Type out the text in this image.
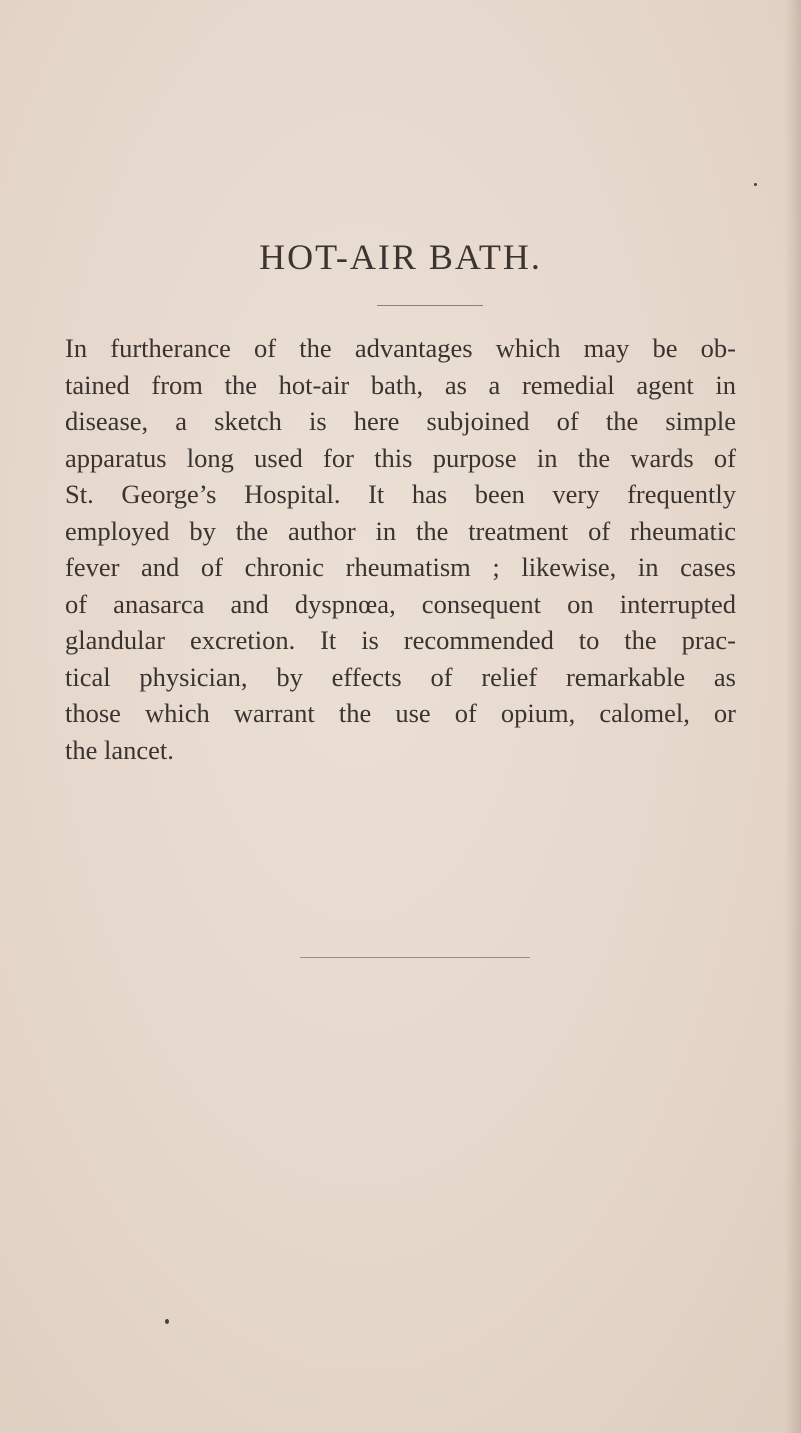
HOT-AIR BATH.

In furtherance of the advantages which may be ob-
tained from the hot-air bath, as a remedial agent in
disease, a sketch is here subjoined of the simple
apparatus long used for this purpose in the wards of
St. George’s Hospital. It has been very frequently
employed by the author in the treatment of rheumatic
fever and of chronic rheumatism ; likewise, in cases
of anasarca and dyspnœa, consequent on interrupted
glandular excretion. It is recommended to the prac-
tical physician, by effects of relief remarkable as
those which warrant the use of opium, calomel, or
the lancet.
